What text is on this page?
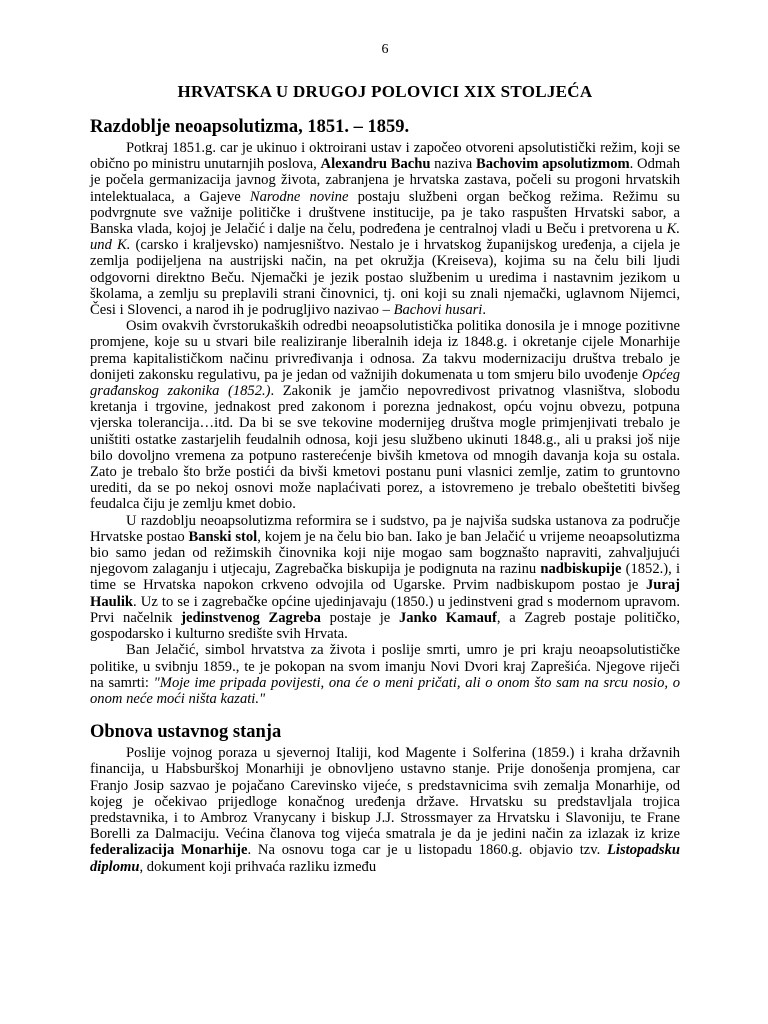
6
HRVATSKA U DRUGOJ POLOVICI XIX STOLJEĆA
Razdoblje neoapsolutizma, 1851. – 1859.

Potkraj 1851.g. car je ukinuo i oktroirani ustav i započeo otvoreni apsolutistički režim, koji se obično po ministru unutarnjih poslova, Alexandru Bachu naziva Bachovim apsolutizmom. Odmah je počela germanizacija javnog života, zabranjena je hrvatska zastava, počeli su progoni hrvatskih intelektualaca, a Gajeve Narodne novine postaju službeni organ bečkog režima. Režimu su podvrgnute sve važnije političke i društvene institucije, pa je tako raspušten Hrvatski sabor, a Banska vlada, kojoj je Jelačić i dalje na čelu, podređena je centralnoj vladi u Beču i pretvorena u K. und K. (carsko i kraljevsko) namjesništvo. Nestalo je i hrvatskog županijskog uređenja, a cijela je zemlja podijeljena na austrijski način, na pet okružja (Kreiseva), kojima su na čelu bili ljudi odgovorni direktno Beču. Njemački je jezik postao službenim u uredima i nastavnim jezikom u školama, a zemlju su preplavili strani činovnici, tj. oni koji su znali njemački, uglavnom Nijemci, Česi i Slovenci, a narod ih je podrugljivo nazivao – Bachovi husari.

Osim ovakvih čvrstorukaških odredbi neoapsolutistička politika donosila je i mnoge pozitivne promjene, koje su u stvari bile realiziranje liberalnih ideja iz 1848.g. i okretanje cijele Monarhije prema kapitalističkom načinu privređivanja i odnosa. Za takvu modernizaciju društva trebalo je donijeti zakonsku regulativu, pa je jedan od važnijih dokumenata u tom smjeru bilo uvođenje Općeg građanskog zakonika (1852.). Zakonik je jamčio nepovredivost privatnog vlasništva, slobodu kretanja i trgovine, jednakost pred zakonom i porezna jednakost, opću vojnu obvezu, potpuna vjerska tolerancija…itd. Da bi se sve tekovine modernijeg društva mogle primjenjivati trebalo je uništiti ostatke zastarjelih feudalnih odnosa, koji jesu službeno ukinuti 1848.g., ali u praksi još nije bilo dovoljno vremena za potpuno rasterećenje bivših kmetova od mnogih davanja koja su ostala. Zato je trebalo što brže postići da bivši kmetovi postanu puni vlasnici zemlje, zatim to gruntovno urediti, da se po nekoj osnovi može naplaćivati porez, a istovremeno je trebalo obeštetiti bivšeg feudalca čiju je zemlju kmet dobio.

U razdoblju neoapsolutizma reformira se i sudstvo, pa je najviša sudska ustanova za područje Hrvatske postao Banski stol, kojem je na čelu bio ban. Iako je ban Jelačić u vrijeme neoapsolutizma bio samo jedan od režimskih činovnika koji nije mogao sam bogznašto napraviti, zahvaljujući njegovom zalaganju i utjecaju, Zagrebačka biskupija je podignuta na razinu nadbiskupije (1852.), i time se Hrvatska napokon crkveno odvojila od Ugarske. Prvim nadbiskupom postao je Juraj Haulik. Uz to se i zagrebačke općine ujedinjavaju (1850.) u jedinstveni grad s modernom upravom. Prvi načelnik jedinstvenog Zagreba postaje je Janko Kamauf, a Zagreb postaje političko, gospodarsko i kulturno središte svih Hrvata.

Ban Jelačić, simbol hrvatstva za života i poslije smrti, umro je pri kraju neoapsolutističke politike, u svibnju 1859., te je pokopan na svom imanju Novi Dvori kraj Zaprešića. Njegove riječi na samrti: "Moje ime pripada povijesti, ona će o meni pričati, ali o onom što sam na srcu nosio, o onom neće moći ništa kazati."

Obnova ustavnog stanja

Poslije vojnog poraza u sjevernoj Italiji, kod Magente i Solferina (1859.) i kraha državnih financija, u Habsburškoj Monarhiji je obnovljeno ustavno stanje. Prije donošenja promjena, car Franjo Josip sazvao je pojačano Carevinsko vijeće, s predstavnicima svih zemalja Monarhije, od kojeg je očekivao prijedloge konačnog uređenja države. Hrvatsku su predstavljala trojica predstavnika, i to Ambroz Vranycany i biskup J.J. Strossmayer za Hrvatsku i Slavoniju, te Frane Borelli za Dalmaciju. Većina članova tog vijeća smatrala je da je jedini način za izlazak iz krize federalizacija Monarhije. Na osnovu toga car je u listopadu 1860.g. objavio tzv. Listopadsku diplomu, dokument koji prihvaća razliku između
